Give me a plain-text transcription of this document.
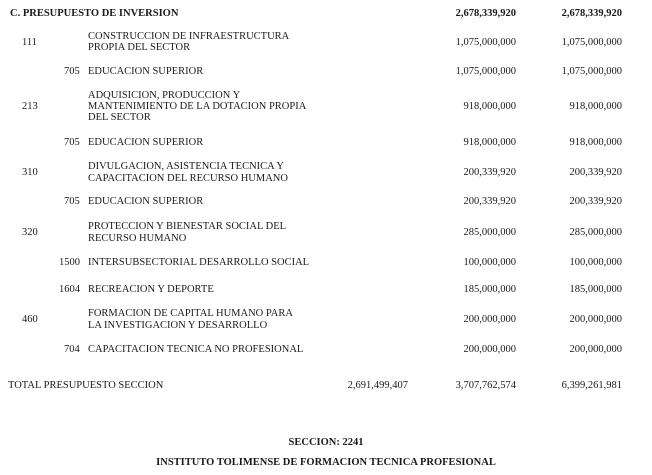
C. PRESUPUESTO DE INVERSION	2,678,339,920	2,678,339,920
111
CONSTRUCCION DE INFRAESTRUCTURA
PROPIA DEL SECTOR	1,075,000,000	1,075,000,000
705 EDUCACION SUPERIOR	1,075,000,000	1,075,000,000
213
ADQUISICION, PRODUCCION Y
MANTENIMIENTO DE LA DOTACION PROPIA
DEL SECTOR
918,000,000	918,000,000
705 EDUCACION SUPERIOR	918,000,000	918,000,000
310
DIVULGACION, ASISTENCIA TECNICA Y
CAPACITACION DEL RECURSO HUMANO
200,339,920	200,339,920
705 EDUCACION SUPERIOR	200,339,920	200,339,920
320
PROTECCION Y BIENESTAR SOCIAL DEL
RECURSO HUMANO
285,000,000	285,000,000
1500 INTERSUBSECTORIAL DESARROLLO SOCIAL	100,000,000	100,000,000
1604 RECREACION Y DEPORTE	185,000,000	185,000,000
460
FORMACION DE CAPITAL HUMANO PARA
LA INVESTIGACION Y DESARROLLO
200,000,000	200,000,000
704 CAPACITACION TECNICA NO PROFESIONAL	200,000,000	200,000,000
TOTAL PRESUPUESTO SECCION	2,691,499,407	3,707,762,574	6,399,261,981
SECCION: 2241
INSTITUTO TOLIMENSE DE FORMACION TECNICA PROFESIONAL
